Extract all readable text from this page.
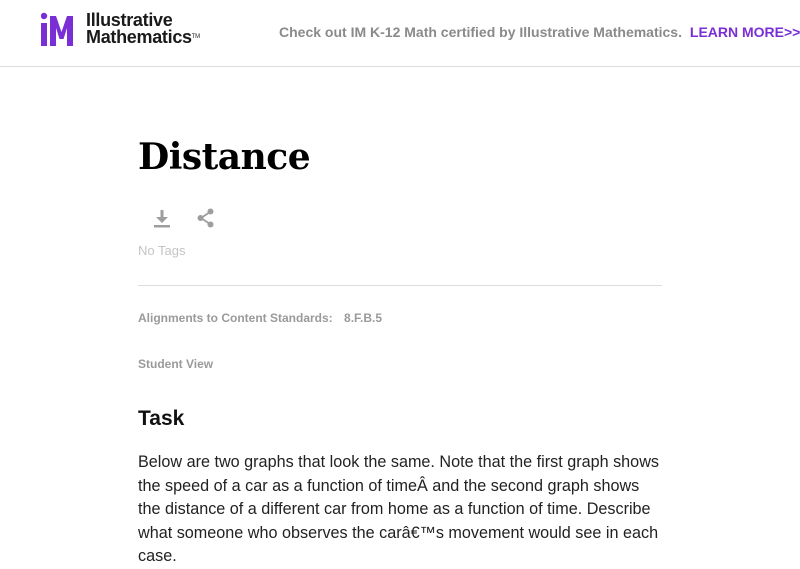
Illustrative
Mathematics™	Check out IM K-12 Math certified by Illustrative Mathematics. LEARN MORE>>
Distance
No Tags
Alignments to Content Standards: 8.F.B.5
Student View
Task

Below are two graphs that look the same. Note that the first graph shows the speed of a car as a function of timeÂ and the second graph shows the distance of a different car from home as a function of time. Describe what someone who observes the carâ€™s movement would see in each case.
